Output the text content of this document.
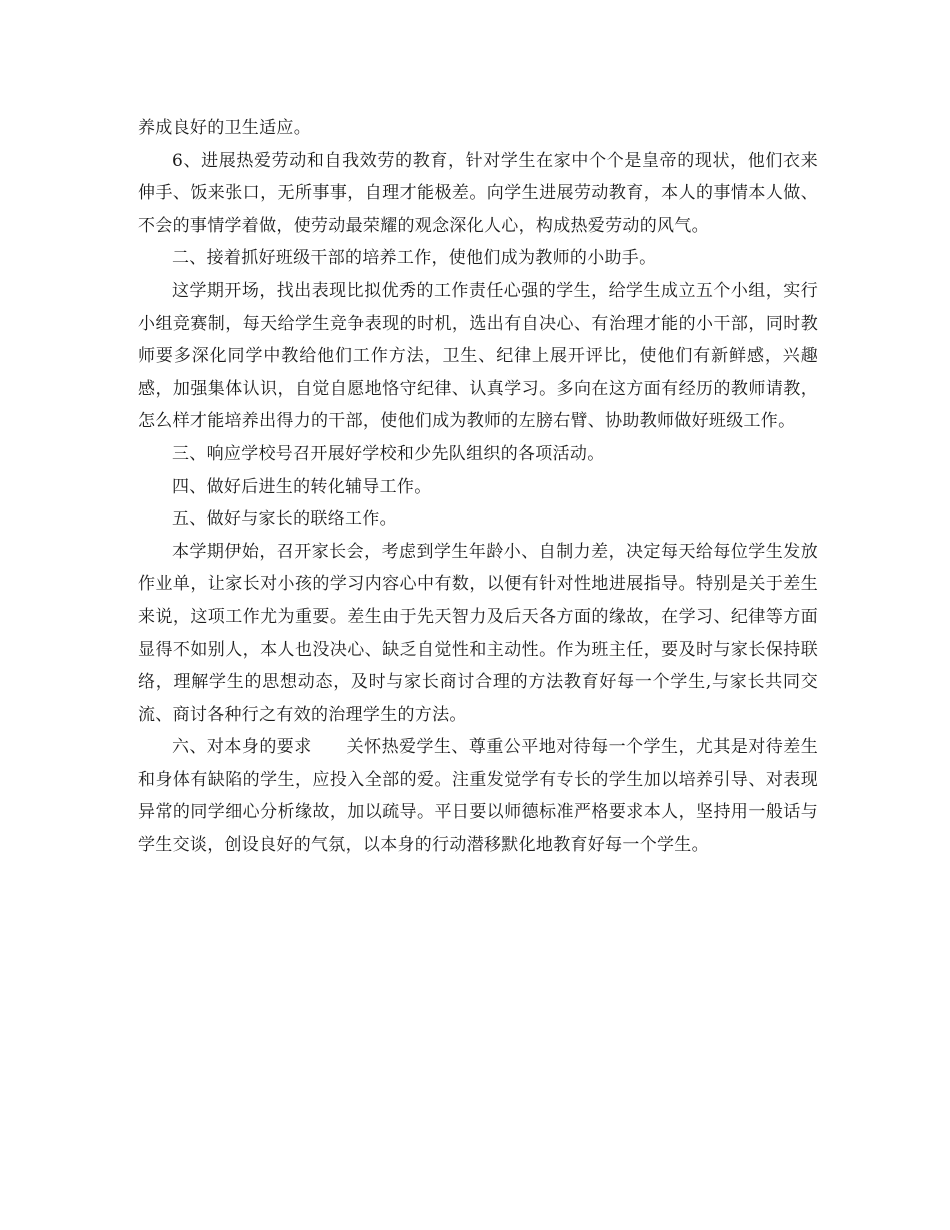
养成良好的卫生适应。

6、进展热爱劳动和自我效劳的教育，针对学生在家中个个是皇帝的现状，他们衣来伸手、饭来张口，无所事事，自理才能极差。向学生进展劳动教育，本人的事情本人做、不会的事情学着做，使劳动最荣耀的观念深化人心，构成热爱劳动的风气。

二、接着抓好班级干部的培养工作，使他们成为教师的小助手。

这学期开场，找出表现比拟优秀的工作责任心强的学生，给学生成立五个小组，实行小组竞赛制，每天给学生竞争表现的时机，选出有自决心、有治理才能的小干部，同时教师要多深化同学中教给他们工作方法，卫生、纪律上展开评比，使他们有新鲜感，兴趣感，加强集体认识，自觉自愿地恪守纪律、认真学习。多向在这方面有经历的教师请教，怎么样才能培养出得力的干部，使他们成为教师的左膀右臂、协助教师做好班级工作。

三、响应学校号召开展好学校和少先队组织的各项活动。

四、做好后进生的转化辅导工作。

五、做好与家长的联络工作。

本学期伊始，召开家长会，考虑到学生年龄小、自制力差，决定每天给每位学生发放作业单，让家长对小孩的学习内容心中有数，以便有针对性地进展指导。特别是关于差生来说，这项工作尤为重要。差生由于先天智力及后天各方面的缘故，在学习、纪律等方面显得不如别人，本人也没决心、缺乏自觉性和主动性。作为班主任，要及时与家长保持联络，理解学生的思想动态，及时与家长商讨合理的方法教育好每一个学生,与家长共同交流、商讨各种行之有效的治理学生的方法。

六、对本身的要求　　关怀热爱学生、尊重公平地对待每一个学生，尤其是对待差生和身体有缺陷的学生，应投入全部的爱。注重发觉学有专长的学生加以培养引导、对表现异常的同学细心分析缘故，加以疏导。平日要以师德标准严格要求本人，坚持用一般话与学生交谈，创设良好的气氛，以本身的行动潜移默化地教育好每一个学生。
